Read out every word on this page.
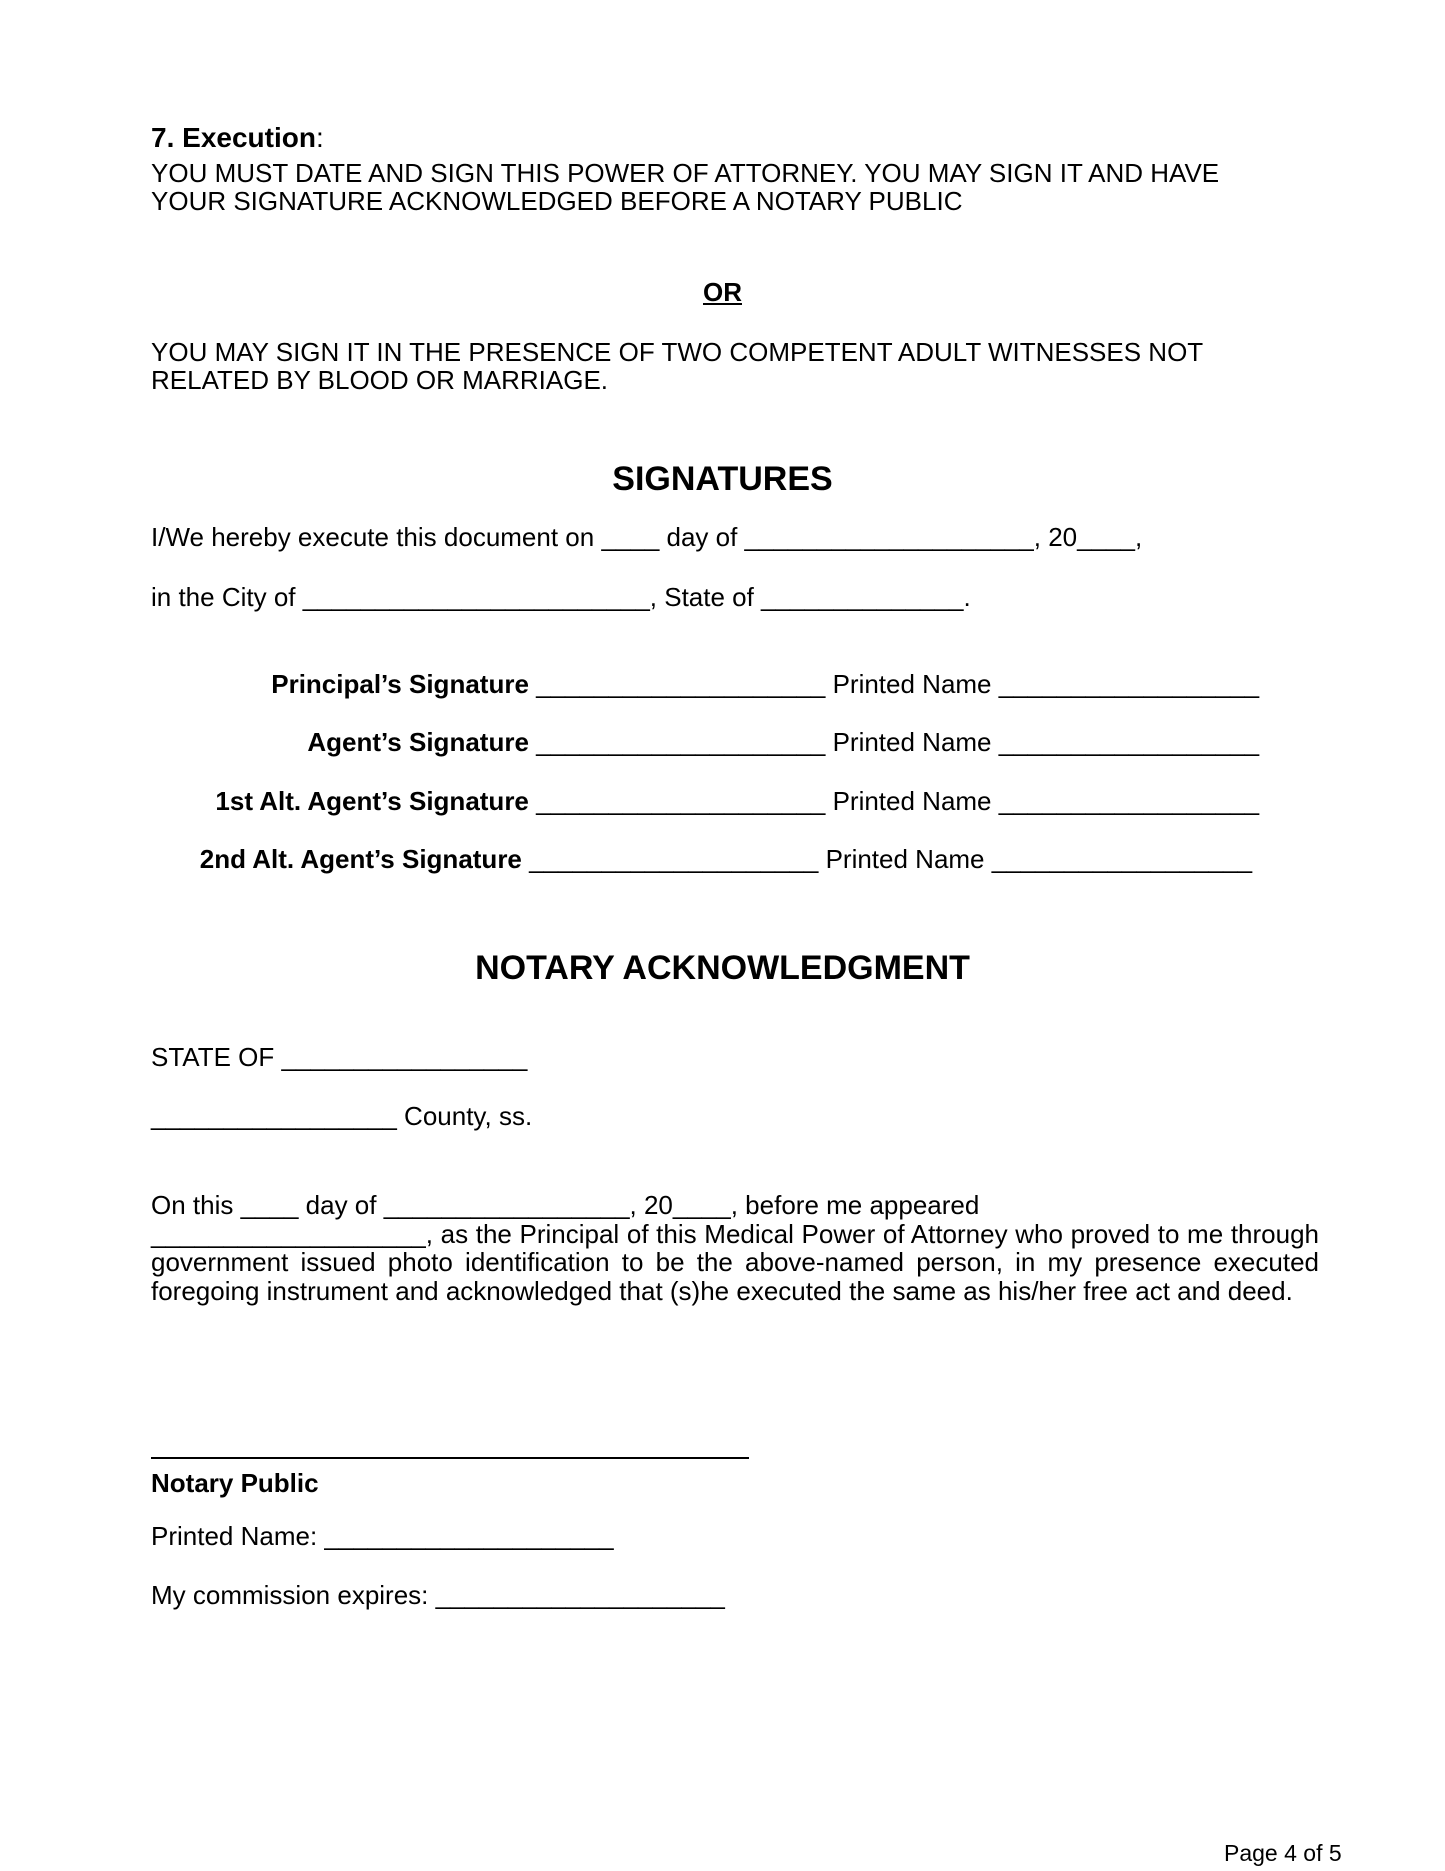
7. Execution:
YOU MUST DATE AND SIGN THIS POWER OF ATTORNEY. YOU MAY SIGN IT AND HAVE
YOUR SIGNATURE ACKNOWLEDGED BEFORE A NOTARY PUBLIC
OR
YOU MAY SIGN IT IN THE PRESENCE OF TWO COMPETENT ADULT WITNESSES NOT
RELATED BY BLOOD OR MARRIAGE.
SIGNATURES
I/We hereby execute this document on ____ day of ____________________, 20____,
in the City of ________________________, State of ______________.

Principal’s Signature ____________________ Printed Name __________________

Agent’s Signature ____________________ Printed Name __________________

1st Alt. Agent’s Signature ____________________ Printed Name __________________

2nd Alt. Agent’s Signature ____________________ Printed Name __________________

NOTARY ACKNOWLEDGMENT
STATE OF _________________
_________________ County, ss.
On this ____ day of _________________, 20____, before me appeared
___________________, as the Principal of this Medical Power of Attorney who proved to me through government issued photo identification to be the above-named person, in my presence executed foregoing instrument and acknowledged that (s)he executed the same as his/her free act and deed.
Notary Public
Printed Name: ____________________
My commission expires: ____________________
Page 4 of 5
